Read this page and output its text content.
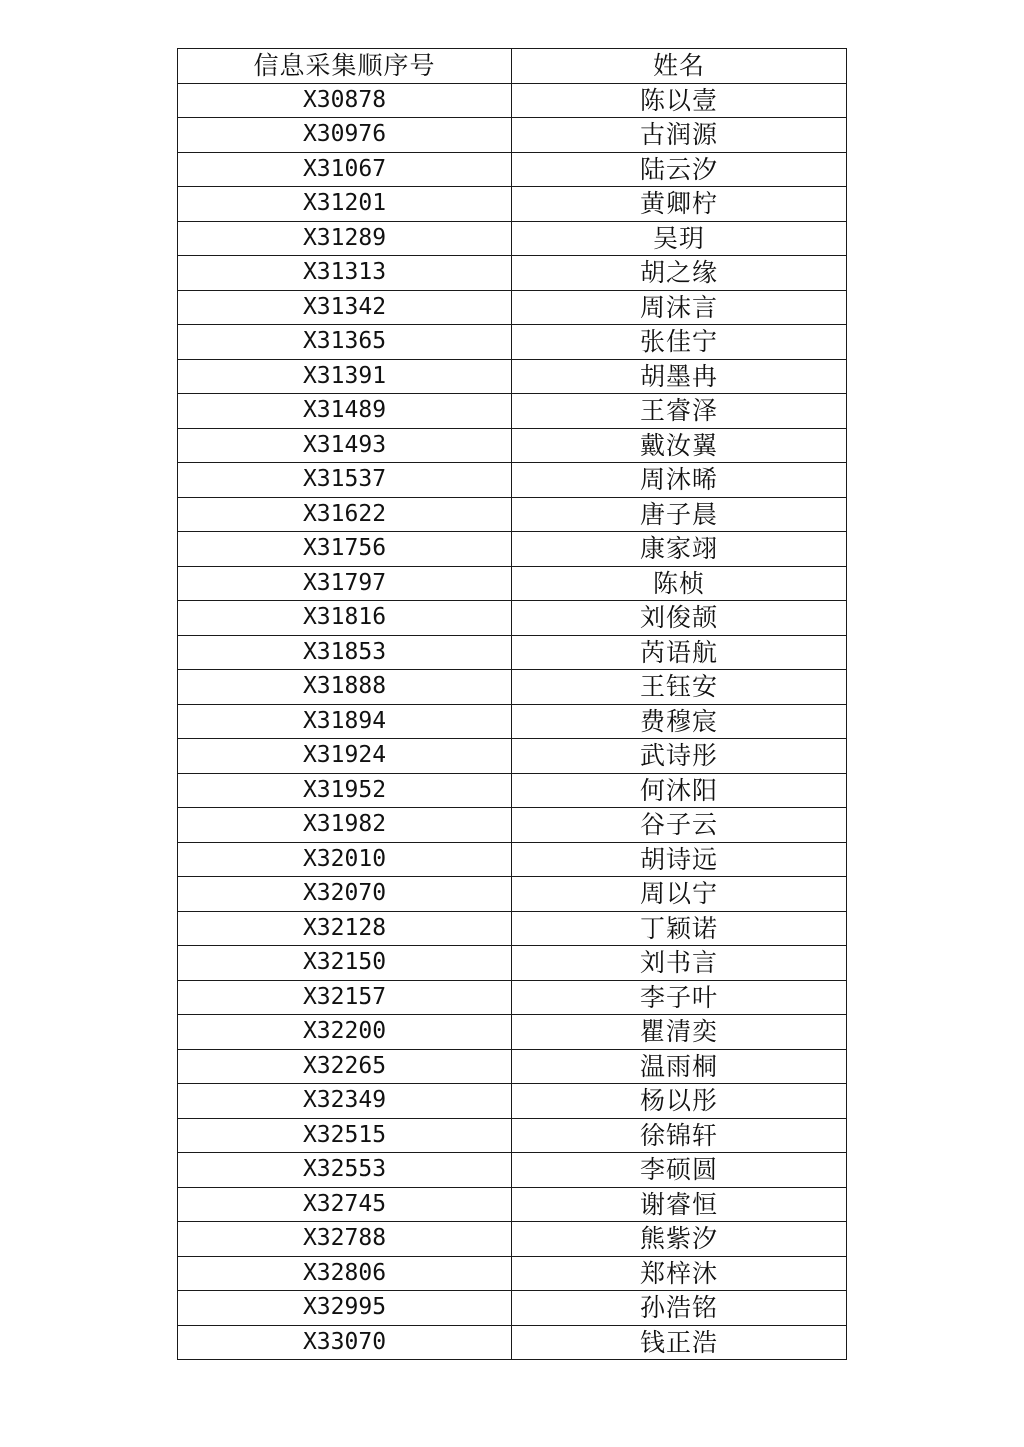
信息采集顺序号	姓名
X30878	陈以壹
X30976	古润源
X31067	陆云汐
X31201	黄卿柠
X31289	吴玥
X31313	胡之缘
X31342	周沫言
X31365	张佳宁
X31391	胡墨冉
X31489	王睿泽
X31493	戴汝翼
X31537	周沐晞
X31622	唐子晨
X31756	康家翊
X31797	陈桢
X31816	刘俊颉
X31853	芮语航
X31888	王钰安
X31894	费穆宸
X31924	武诗彤
X31952	何沐阳
X31982	谷子云
X32010	胡诗远
X32070	周以宁
X32128	丁颖诺
X32150	刘书言
X32157	李子叶
X32200	瞿清奕
X32265	温雨桐
X32349	杨以彤
X32515	徐锦轩
X32553	李硕圆
X32745	谢睿恒
X32788	熊紫汐
X32806	郑梓沐
X32995	孙浩铭
X33070	钱正浩
